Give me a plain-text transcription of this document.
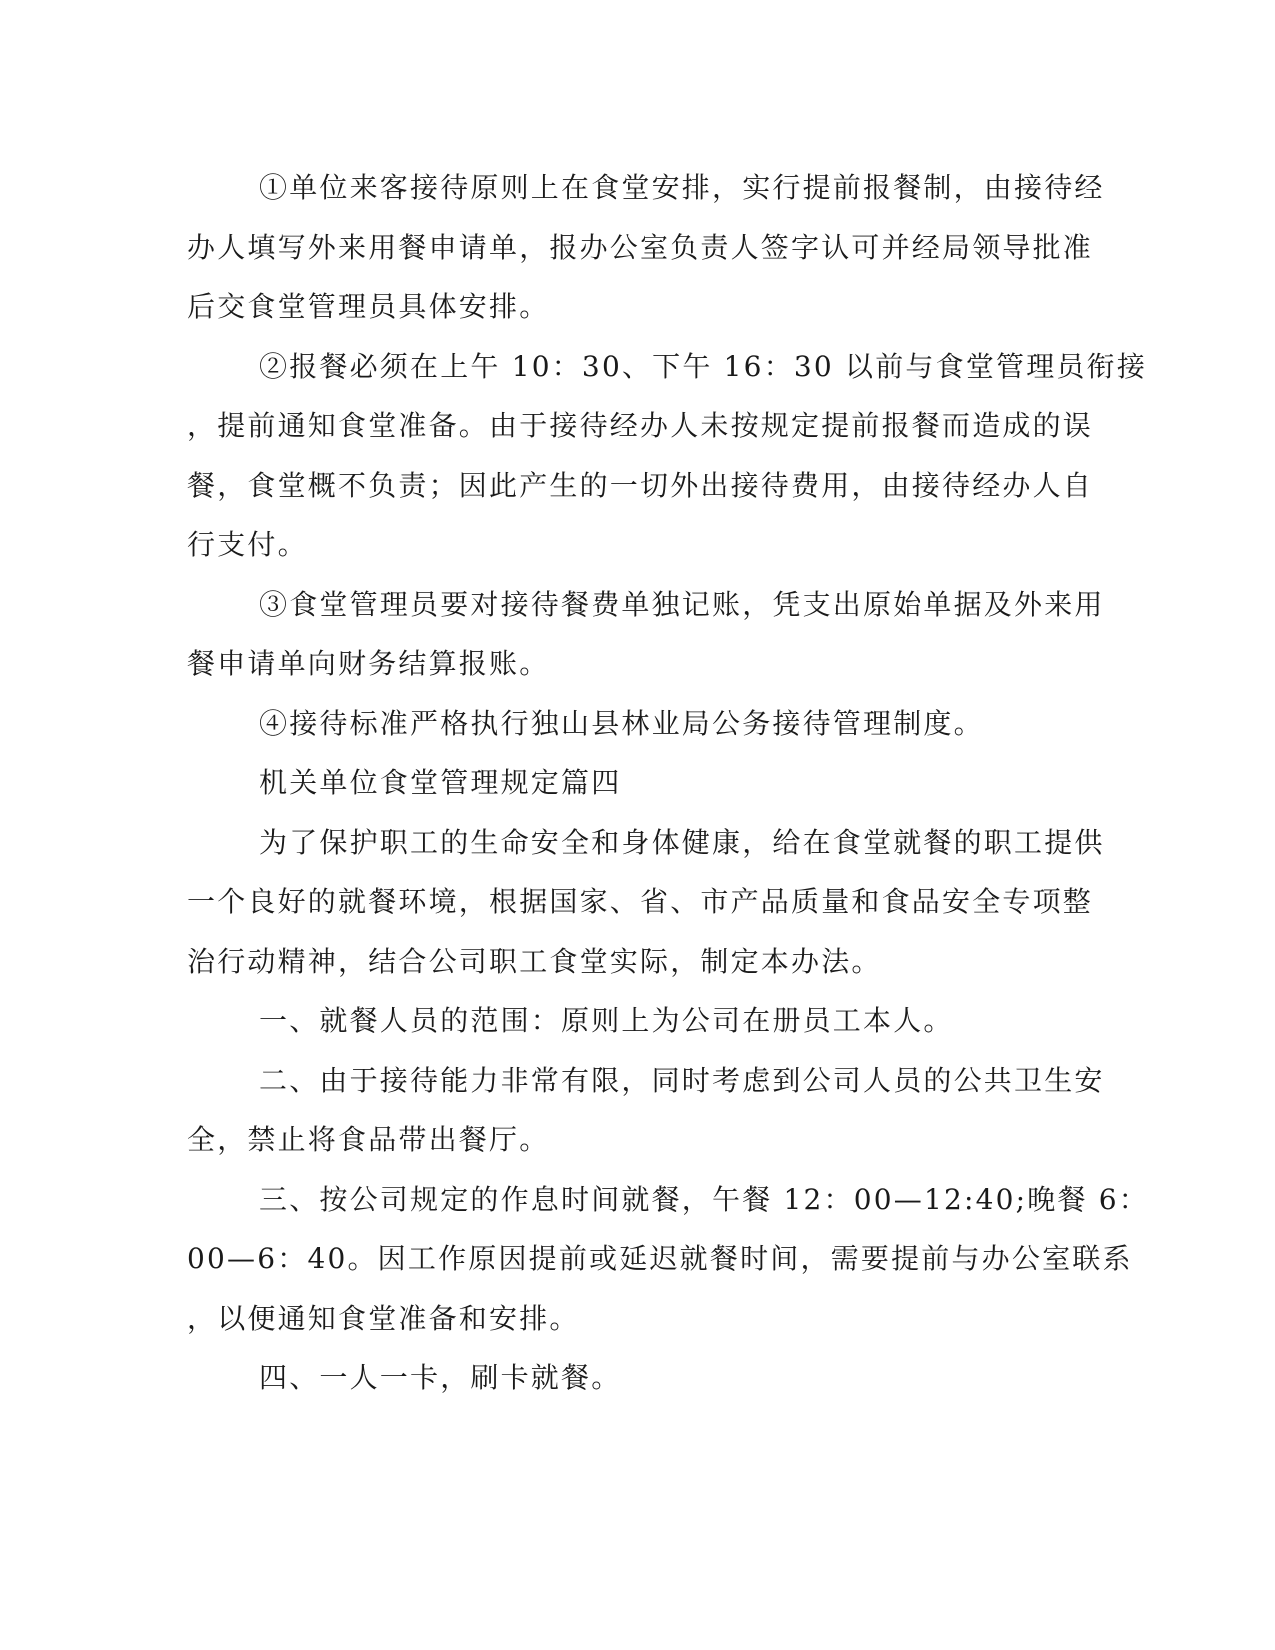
①单位来客接待原则上在食堂安排，实行提前报餐制，由接待经
办人填写外来用餐申请单，报办公室负责人签字认可并经局领导批准
后交食堂管理员具体安排。
②报餐必须在上午 10：30、下午 16：30 以前与食堂管理员衔接
，提前通知食堂准备。由于接待经办人未按规定提前报餐而造成的误
餐，食堂概不负责；因此产生的一切外出接待费用，由接待经办人自
行支付。
③食堂管理员要对接待餐费单独记账，凭支出原始单据及外来用
餐申请单向财务结算报账。
④接待标准严格执行独山县林业局公务接待管理制度。
机关单位食堂管理规定篇四
为了保护职工的生命安全和身体健康，给在食堂就餐的职工提供
一个良好的就餐环境，根据国家、省、市产品质量和食品安全专项整
治行动精神，结合公司职工食堂实际，制定本办法。
一、就餐人员的范围：原则上为公司在册员工本人。
二、由于接待能力非常有限，同时考虑到公司人员的公共卫生安
全，禁止将食品带出餐厅。
三、按公司规定的作息时间就餐，午餐 12：00—12:40;晚餐 6：
00—6：40。因工作原因提前或延迟就餐时间，需要提前与办公室联系
，以便通知食堂准备和安排。
四、一人一卡，刷卡就餐。
